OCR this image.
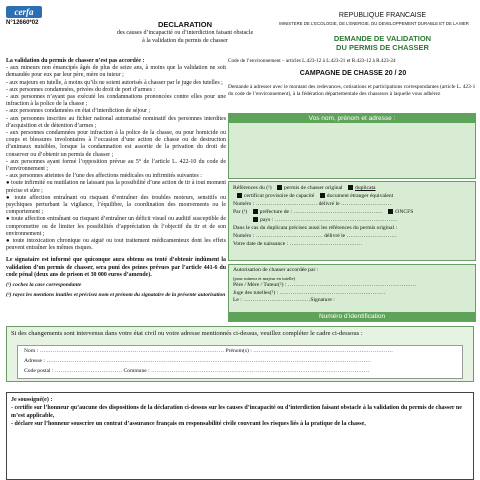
cerfa
N°12660*02	DECLARATION
des causes d’incapacité ou d’interdiction faisant obstacle
à la validation du permis de chasser
REPUBLIQUE FRANCAISE
MINISTERE DE L'ECOLOGIE, DE L'ENERGIE, DU DEVELOPPEMENT DURABLE ET DE LA MER
DEMANDE DE VALIDATION
DU PERMIS DE CHASSER

La validation du permis de chasser n’est pas accordée :

- aux mineurs non émancipés âgés de plus de seize ans, à moins que la validation ne soit demandée pour eux par leur père, mère ou tuteur ;

- aux majeurs en tutelle, à moins qu’ils ne soient autorisés à chasser par le juge des tutelles ;

- aux personnes condamnées, privées du droit de port d’armes :

- aux personnes n’ayant pas exécuté les condamnations prononcées contre elles pour une infraction à la police de la chasse ;

- aux personnes condamnées en état d’interdiction de séjour ;

- aux personnes inscrites au fichier national automatisé nominatif des personnes interdites d’acquisition et de détention d’armes ;

- aux personnes condamnées pour infraction à la police de la chasse, ou pour homicide ou coups et blessures involontaires à l’occasion d’une action de chasse ou de destruction d’animaux nuisibles, lorsque la condamnation est assortie de la privation du droit de conserver ou d’obtenir un permis de chasser ;

- aux personnes ayant formé l’opposition prévue au 5° de l’article L. 422-10 du code de l’environnement ;

- aux personnes atteintes de l’une des affections médicales ou infirmités suivantes :

● toute infirmité ou mutilation ne laissant pas la possibilité d’une action de tir à tout moment précise et sûre ;

● toute affection entraînant ou risquant d’entraîner des troubles moteurs, sensitifs ou psychiques perturbant la vigilance, l’équilibre, la coordination des mouvements ou le comportement ;

● toute affection entraînant ou risquant d’entraîner un déficit visuel ou auditif susceptible de compromettre ou de limiter les possibilités d’appréciation de l’objectif du tir et de son environnement ;

● toute intoxication chronique ou aiguë ou tout traitement médicamenteux dont les effets peuvent entraîner les mêmes risques.

Le signataire est informé que quiconque aura obtenu ou tenté d’obtenir indûment la validation d’un permis de chasser, sera puni des peines prévues par l’article 441-6 du code pénal (deux ans de prison et 30 000 euros d’amende).

(¹) cochez la case correspondante

(²) rayez les mentions inutiles et précisez nom et prénom du signataire de la présente autorisation

Code de l’environnement – articles L.423-12 à L.423-21 et R.423-12 à R.423-24
CAMPAGNE DE CHASSE 20 / 20
Demande à adresser avec le montant des redevances, cotisations et participations correspondantes (article L. 423-1 du code de l’environnement), à la fédération départementale des chasseurs à laquelle vous adhérez
Vos nom, prénom et adresse :
Références du (¹) permis de chasser original duplicata
certificat provisoire de capacité document étranger équivalent
Numéro : …………………………… délivré le ………………………
Par (¹) préfecture de : ………………………………………… ONCFS
pays : …………………………………………………………
Dans le cas du duplicata précisez aussi les références du permis original :
Numéro : ……………………………… délivré le ………………………
Votre date de naissance : …………………………………
Autorisation de chasser accordée par :
(pour mineur et majeur en tutelle)
Père / Mère / Tuteur(²) : ……………………………………………………………
Juge des tutelles(²) : …………………………………………………
Le : ………………………………Signature :
Numéro d’identification
Si des changements sont intervenus dans votre état civil ou votre adresse mentionnés ci-dessus, veuillez compléter le cadre ci-dessous :
Nom : ……………………………………………………………………………………… Prénom(s) : …………………………………………………………………
Adresse : …………………………………………………………………………………………………………………………………………………………
Code postal : ……………………………… Commune : ………………………………………………………………………………………………………
Je soussigné(e) :
- certifie sur l’honneur qu’aucune des dispositions de la déclaration ci-dessus sur les causes d’incapacité ou d’interdiction faisant obstacle à la validation du permis de chasser ne m’est applicable,
- déclare sur l’honneur souscrire un contrat d’assurance français en responsabilité civile couvrant les risques liés à la pratique de la chasse,
